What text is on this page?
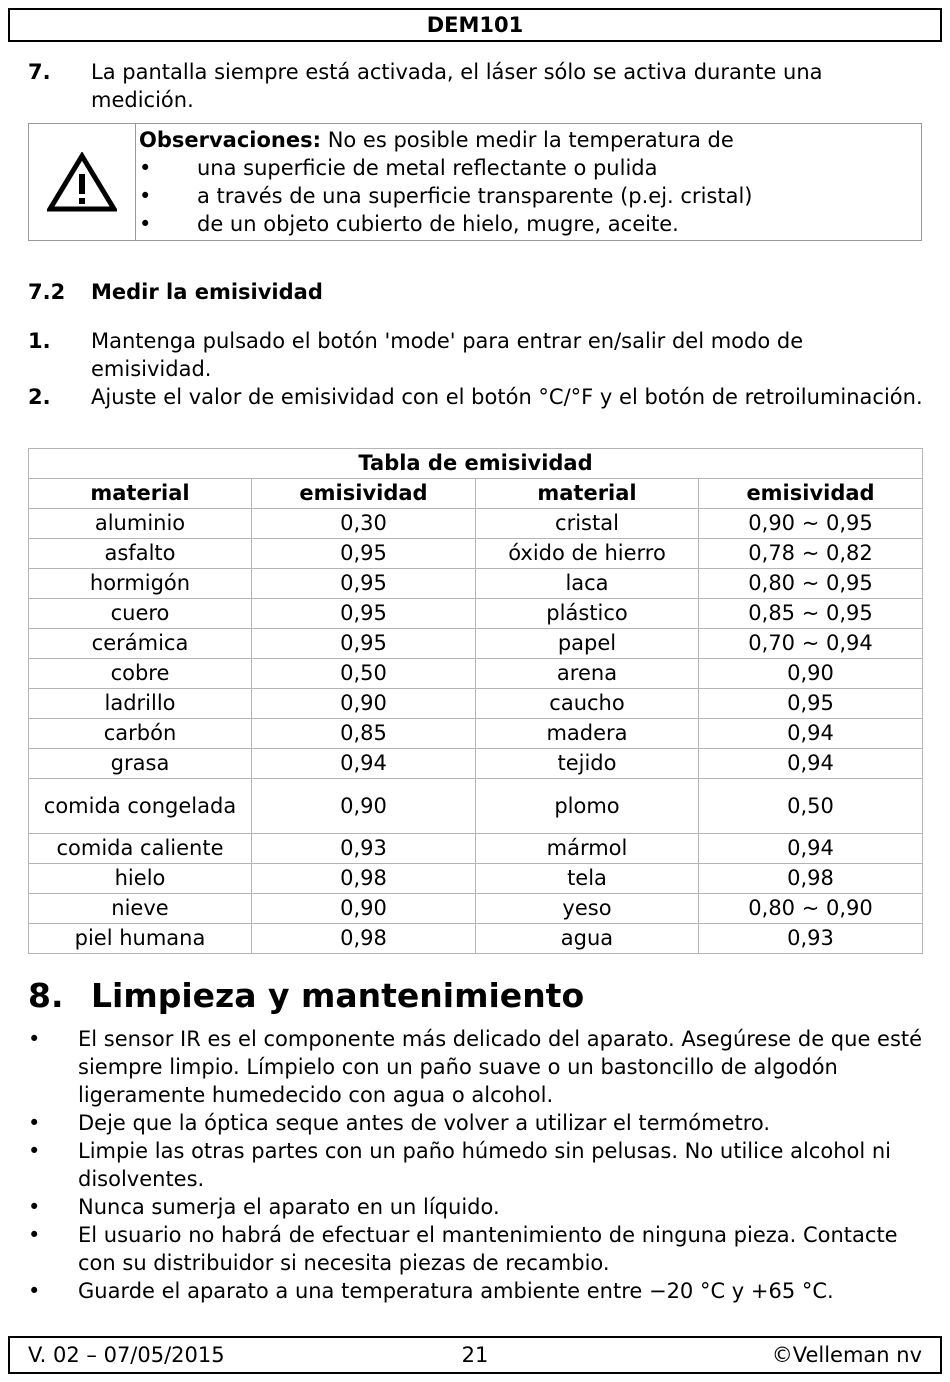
DEM101
7. La pantalla siempre está activada, el láser sólo se activa durante una medición.
Observaciones: No es posible medir la temperatura de
• una superficie de metal reflectante o pulida
• a través de una superficie transparente (p.ej. cristal)
• de un objeto cubierto de hielo, mugre, aceite.
7.2 Medir la emisividad
1. Mantenga pulsado el botón 'mode' para entrar en/salir del modo de emisividad.
2. Ajuste el valor de emisividad con el botón °C/°F y el botón de retroiluminación.
Tabla de emisividad			
material	emisividad	material	emisividad
aluminio	0,30	cristal	0,90 ~ 0,95
asfalto	0,95	óxido de hierro	0,78 ~ 0,82
hormigón	0,95	laca	0,80 ~ 0,95
cuero	0,95	plástico	0,85 ~ 0,95
cerámica	0,95	papel	0,70 ~ 0,94
cobre	0,50	arena	0,90
ladrillo	0,90	caucho	0,95
carbón	0,85	madera	0,94
grasa	0,94	tejido	0,94
comida congelada	0,90	plomo	0,50
comida caliente	0,93	mármol	0,94
hielo	0,98	tela	0,98
nieve	0,90	yeso	0,80 ~ 0,90
piel humana	0,98	agua	0,93
8. Limpieza y mantenimiento
• El sensor IR es el componente más delicado del aparato. Asegúrese de que esté siempre limpio. Límpielo con un paño suave o un bastoncillo de algodón ligeramente humedecido con agua o alcohol.
• Deje que la óptica seque antes de volver a utilizar el termómetro.
• Limpie las otras partes con un paño húmedo sin pelusas. No utilice alcohol ni disolventes.
• Nunca sumerja el aparato en un líquido.
• El usuario no habrá de efectuar el mantenimiento de ninguna pieza. Contacte con su distribuidor si necesita piezas de recambio.
• Guarde el aparato a una temperatura ambiente entre −20 °C y +65 °C.
V. 02 – 07/05/2015	21	©Velleman nv
